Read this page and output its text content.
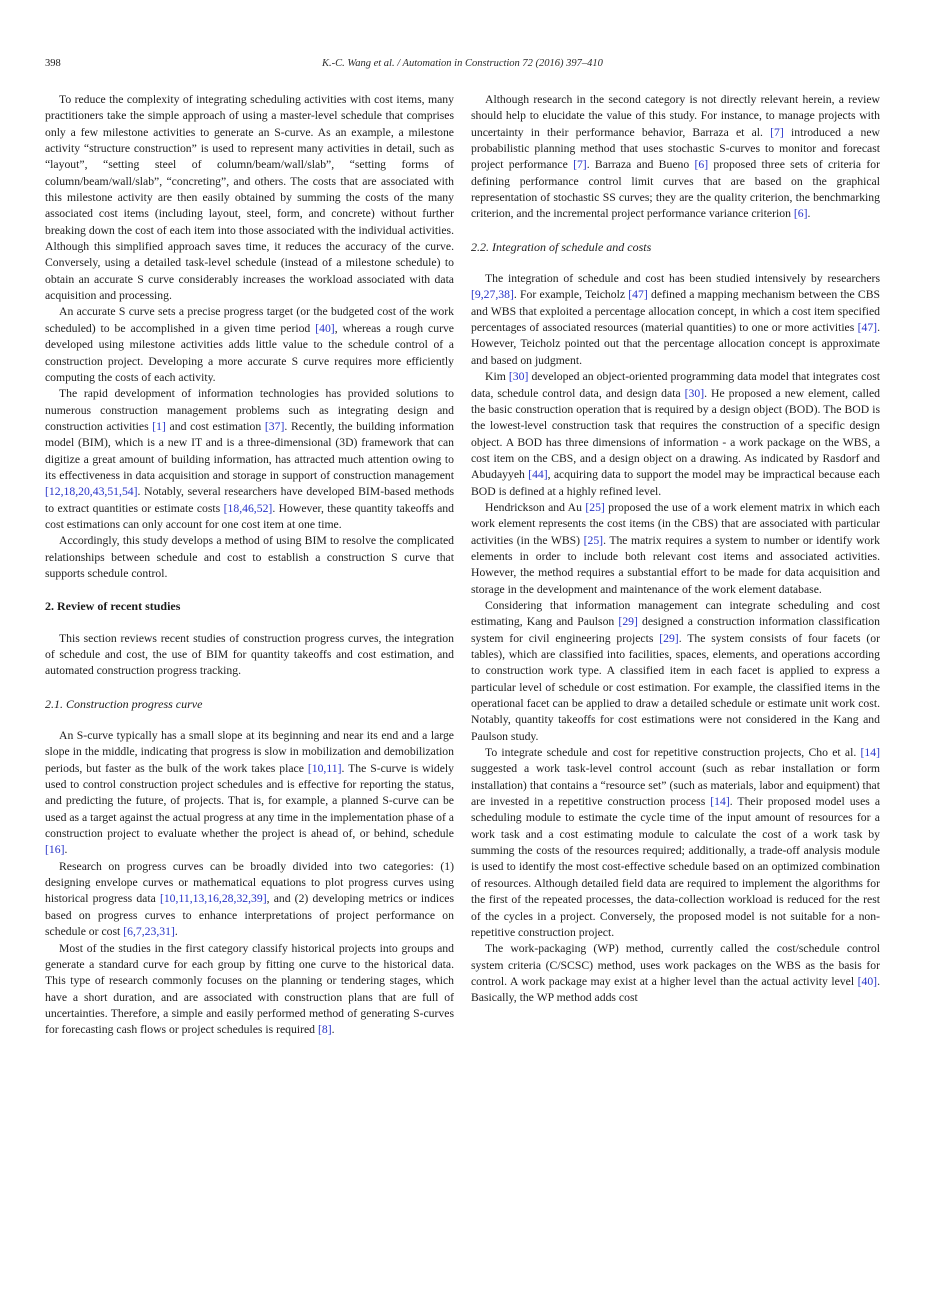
398	K.-C. Wang et al. / Automation in Construction 72 (2016) 397–410

To reduce the complexity of integrating scheduling activities with cost items, many practitioners take the simple approach of using a master-level schedule that comprises only a few milestone activities to generate an S-curve. As an example, a milestone activity “structure construction” is used to represent many activities in detail, such as “layout”, “setting steel of column/beam/wall/slab”, “setting forms of column/beam/wall/slab”, “concreting”, and others. The costs that are associated with this milestone activity are then easily obtained by summing the costs of the many associated cost items (including layout, steel, form, and concrete) without further breaking down the cost of each item into those associated with the individual activities. Although this simplified approach saves time, it reduces the accuracy of the curve. Conversely, using a detailed task-level schedule (instead of a milestone schedule) to obtain an accurate S curve considerably increases the workload associated with data acquisition and processing.

An accurate S curve sets a precise progress target (or the budgeted cost of the work scheduled) to be accomplished in a given time period [40], whereas a rough curve developed using milestone activities adds little value to the schedule control of a construction project. Developing a more accurate S curve requires more efficiently computing the costs of each activity.

The rapid development of information technologies has provided solutions to numerous construction management problems such as integrating design and construction activities [1] and cost estimation [37]. Recently, the building information model (BIM), which is a new IT and is a three-dimensional (3D) framework that can digitize a great amount of building information, has attracted much attention owing to its effectiveness in data acquisition and storage in support of construction management [12,18,20,43,51,54]. Notably, several researchers have developed BIM-based methods to extract quantities or estimate costs [18,46,52]. However, these quantity takeoffs and cost estimations can only account for one cost item at one time.

Accordingly, this study develops a method of using BIM to resolve the complicated relationships between schedule and cost to establish a construction S curve that supports schedule control.

2. Review of recent studies

This section reviews recent studies of construction progress curves, the integration of schedule and cost, the use of BIM for quantity takeoffs and cost estimation, and automated construction progress tracking.

2.1. Construction progress curve

An S-curve typically has a small slope at its beginning and near its end and a large slope in the middle, indicating that progress is slow in mobilization and demobilization periods, but faster as the bulk of the work takes place [10,11]. The S-curve is widely used to control construction project schedules and is effective for reporting the status, and predicting the future, of projects. That is, for example, a planned S-curve can be used as a target against the actual progress at any time in the implementation phase of a construction project to evaluate whether the project is ahead of, or behind, schedule [16].

Research on progress curves can be broadly divided into two categories: (1) designing envelope curves or mathematical equations to plot progress curves using historical progress data [10,11,13,16,28,32,39], and (2) developing metrics or indices based on progress curves to enhance interpretations of project performance on schedule or cost [6,7,23,31].

Most of the studies in the first category classify historical projects into groups and generate a standard curve for each group by fitting one curve to the historical data. This type of research commonly focuses on the planning or tendering stages, which have a short duration, and are associated with construction plans that are full of uncertainties. Therefore, a simple and easily performed method of generating S-curves for forecasting cash flows or project schedules is required [8].

Although research in the second category is not directly relevant herein, a review should help to elucidate the value of this study. For instance, to manage projects with uncertainty in their performance behavior, Barraza et al. [7] introduced a new probabilistic planning method that uses stochastic S-curves to monitor and forecast project performance [7]. Barraza and Bueno [6] proposed three sets of criteria for defining performance control limit curves that are based on the graphical representation of stochastic SS curves; they are the quality criterion, the benchmarking criterion, and the incremental project performance variance criterion [6].

2.2. Integration of schedule and costs

The integration of schedule and cost has been studied intensively by researchers [9,27,38]. For example, Teicholz [47] defined a mapping mechanism between the CBS and WBS that exploited a percentage allocation concept, in which a cost item specified percentages of associated resources (material quantities) to one or more activities [47]. However, Teicholz pointed out that the percentage allocation concept is approximate and based on judgment.

Kim [30] developed an object-oriented programming data model that integrates cost data, schedule control data, and design data [30]. He proposed a new element, called the basic construction operation that is required by a design object (BOD). The BOD is the lowest-level construction task that requires the construction of a specific design object. A BOD has three dimensions of information - a work package on the WBS, a cost item on the CBS, and a design object on a drawing. As indicated by Rasdorf and Abudayyeh [44], acquiring data to support the model may be impractical because each BOD is defined at a highly refined level.

Hendrickson and Au [25] proposed the use of a work element matrix in which each work element represents the cost items (in the CBS) that are associated with particular activities (in the WBS) [25]. The matrix requires a system to number or identify work elements in order to include both relevant cost items and associated activities. However, the method requires a substantial effort to be made for data acquisition and storage in the development and maintenance of the work element database.

Considering that information management can integrate scheduling and cost estimating, Kang and Paulson [29] designed a construction information classification system for civil engineering projects [29]. The system consists of four facets (or tables), which are classified into facilities, spaces, elements, and operations according to construction work type. A classified item in each facet is applied to express a particular level of schedule or cost estimation. For example, the classified items in the operational facet can be applied to draw a detailed schedule or estimate unit work cost. Notably, quantity takeoffs for cost estimations were not considered in the Kang and Paulson study.

To integrate schedule and cost for repetitive construction projects, Cho et al. [14] suggested a work task-level control account (such as rebar installation or form installation) that contains a “resource set” (such as materials, labor and equipment) that are invested in a repetitive construction process [14]. Their proposed model uses a scheduling module to estimate the cycle time of the input amount of resources for a work task and a cost estimating module to calculate the cost of a work task by summing the costs of the resources required; additionally, a trade-off analysis module is used to identify the most cost-effective schedule based on an optimized combination of resources. Although detailed field data are required to implement the algorithms for the first of the repeated processes, the data-collection workload is reduced for the rest of the cycles in a project. Conversely, the proposed model is not suitable for a non-repetitive construction project.

The work-packaging (WP) method, currently called the cost/schedule control system criteria (C/SCSC) method, uses work packages on the WBS as the basis for control. A work package may exist at a higher level than the actual activity level [40]. Basically, the WP method adds cost
